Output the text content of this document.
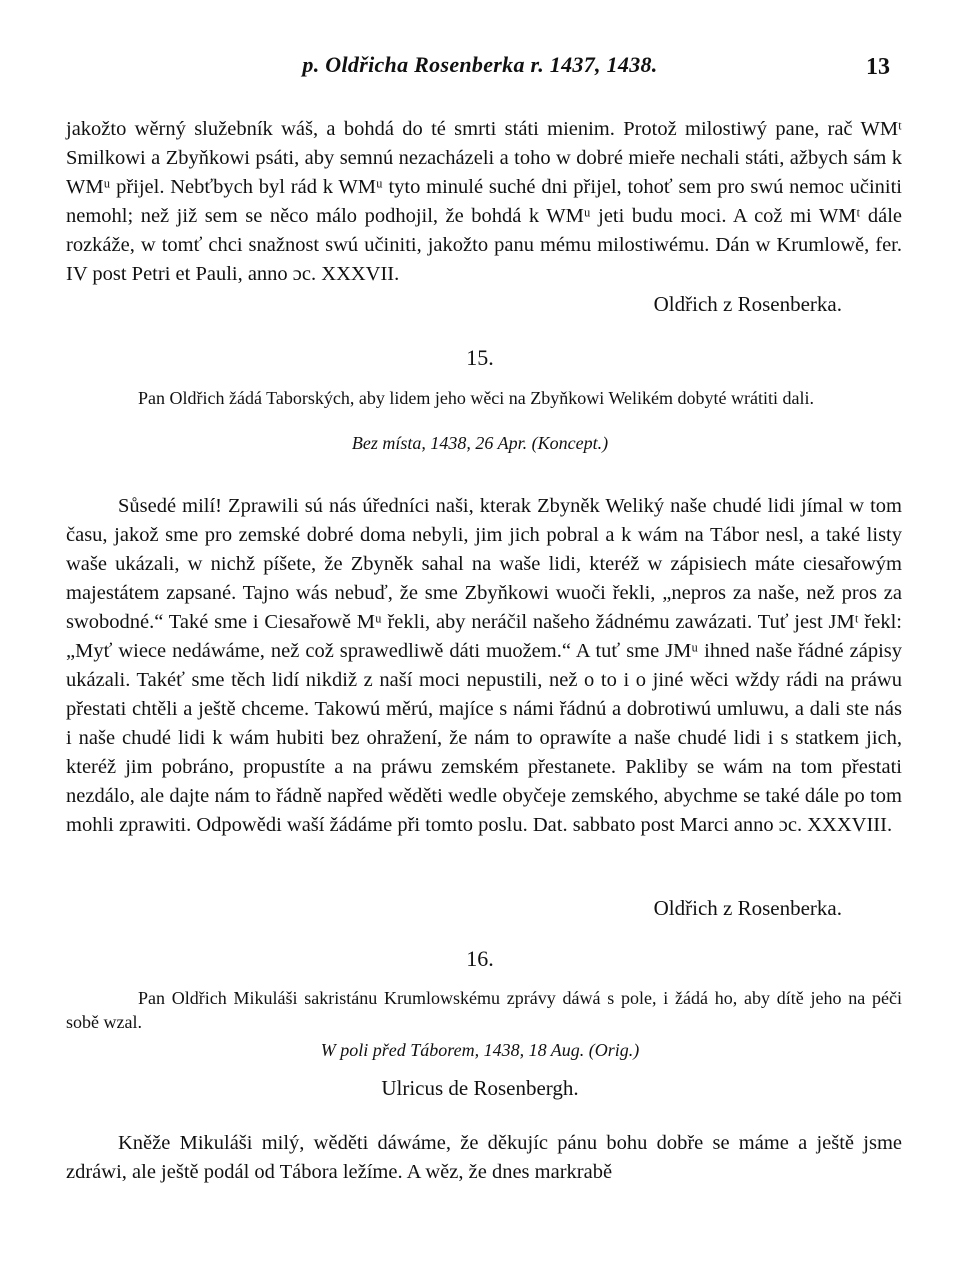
p. Oldřicha Rosenberka r. 1437, 1438.	13

jakožto wěrný služebník wáš, a bohdá do té smrti státi mienim. Protož milostiwý pane, rač WMᵗ Smilkowi a Zbyňkowi psáti, aby semnú nezacházeli a toho w dobré mieře nechali státi, ažbych sám k WMᵘ přijel. Nebťbych byl rád k WMᵘ tyto minulé suché dni přijel, tohoť sem pro swú nemoc učiniti nemohl; než již sem se něco málo podhojil, že bohdá k WMᵘ jeti budu moci. A což mi WMᵗ dále rozkáže, w tomť chci snažnost swú učiniti, jakožto panu mému milostiwému. Dán w Krumlowě, fer. IV post Petri et Pauli, anno ɔc. XXXVII.

Oldřich z Rosenberka.
15.
Pan Oldřich žádá Taborských, aby lidem jeho wěci na Zbyňkowi Welikém dobyté wrátiti dali.
Bez místa, 1438, 26 Apr. (Koncept.)

Sůsedé milí! Zprawili sú nás úředníci naši, kterak Zbyněk Weliký naše chudé lidi jímal w tom času, jakož sme pro zemské dobré doma nebyli, jim jich pobral a k wám na Tábor nesl, a také listy waše ukázali, w nichž píšete, že Zbyněk sahal na waše lidi, kteréž w zápisiech máte ciesařowým majestátem zapsané. Tajno wás nebuď, že sme Zbyňkowi wuoči řekli, „nepros za naše, než pros za swobodné.“ Také sme i Ciesařowě Mᵘ řekli, aby neráčil našeho žádnému zawázati. Tuť jest JMᵗ řekl: „Myť wiece nedáwáme, než což sprawedliwě dáti muožem.“ A tuť sme JMᵘ ihned naše řádné zápisy ukázali. Takéť sme těch lidí nikdiž z naší moci nepustili, než o to i o jiné wěci wždy rádi na práwu přestati chtěli a ještě chceme. Takowú měrú, majíce s námi řádnú a dobrotiwú umluwu, a dali ste nás i naše chudé lidi k wám hubiti bez ohražení, že nám to oprawíte a naše chudé lidi i s statkem jich, kteréž jim pobráno, propustíte a na práwu zemském přestanete. Pakliby se wám na tom přestati nezdálo, ale dajte nám to řádně napřed wěděti wedle obyčeje zemského, abychme se také dále po tom mohli zprawiti. Odpowědi waší žádáme při tomto poslu. Dat. sabbato post Marci anno ɔc. XXXVIII.

Oldřich z Rosenberka.
16.
Pan Oldřich Mikuláši sakristánu Krumlowskému zprávy dáwá s pole, i žádá ho, aby dítě jeho na péči sobě wzal.
W poli před Táborem, 1438, 18 Aug. (Orig.)
Ulricus de Rosenbergh.

Kněže Mikuláši milý, wěděti dáwáme, že děkujíc pánu bohu dobře se máme a ještě jsme zdráwi, ale ještě podál od Tábora ležíme. A wěz, že dnes markrabě
